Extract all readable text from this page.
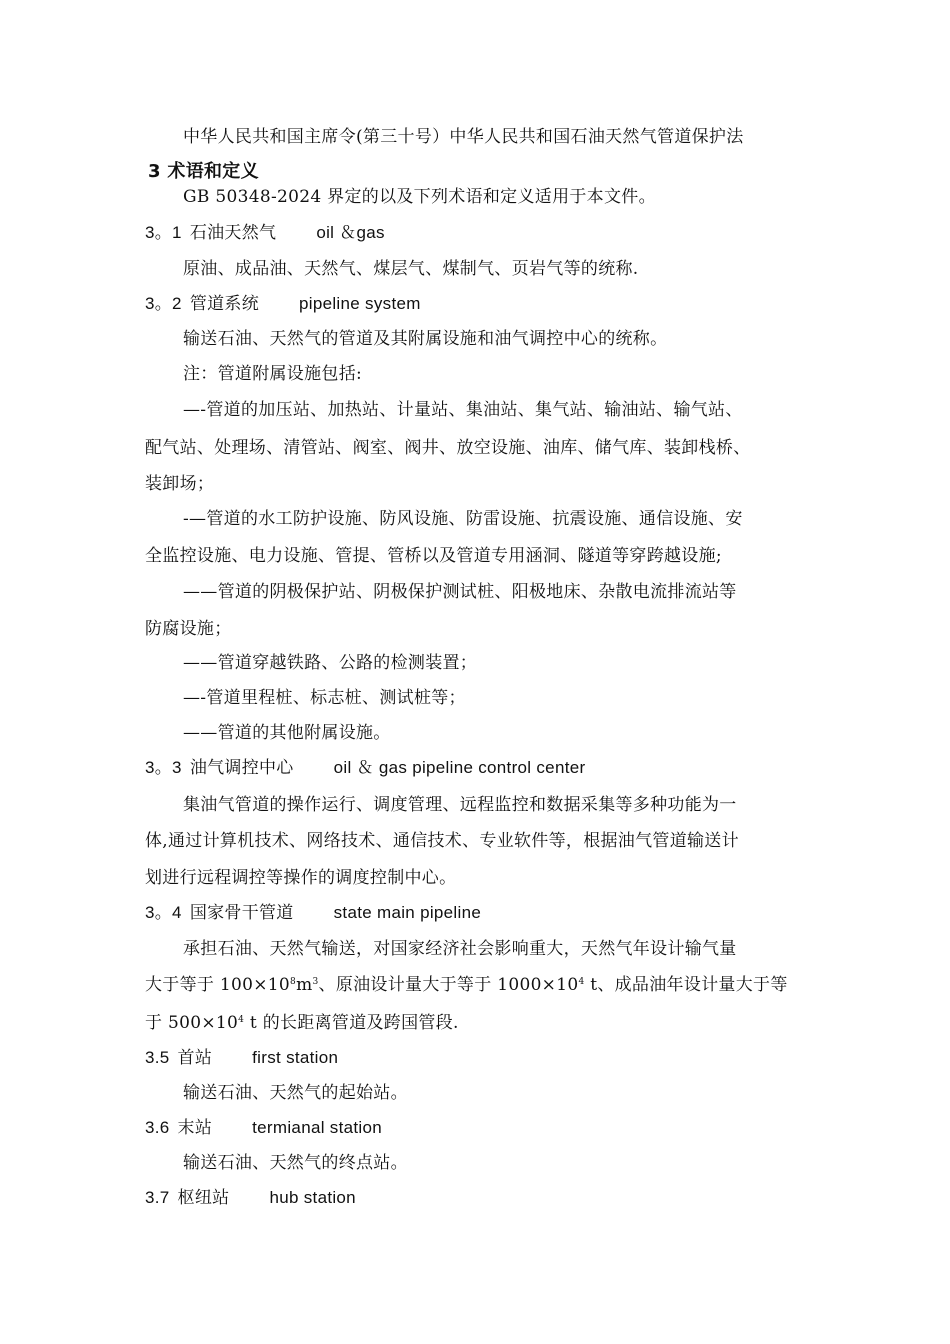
中华人民共和国主席令(第三十号）中华人民共和国石油天然气管道保护法
3 术语和定义
GB 50348-2024 界定的以及下列术语和定义适用于本文件。
3。1 石油天然气 oil ＆gas
原油、成品油、天然气、煤层气、煤制气、页岩气等的统称.
3。2 管道系统 pipeline system
输送石油、天然气的管道及其附属设施和油气调控中心的统称。
注：管道附属设施包括:
—-管道的加压站、加热站、计量站、集油站、集气站、输油站、输气站、
配气站、处理场、清管站、阀室、阀井、放空设施、油库、储气库、装卸栈桥、
装卸场；
-—管道的水工防护设施、防风设施、防雷设施、抗震设施、通信设施、安
全监控设施、电力设施、管提、管桥以及管道专用涵洞、隧道等穿跨越设施;
——管道的阴极保护站、阴极保护测试桩、阳极地床、杂散电流排流站等
防腐设施；
——管道穿越铁路、公路的检测装置；
—-管道里程桩、标志桩、测试桩等；
——管道的其他附属设施。
3。3 油气调控中心 oil ＆ gas pipeline control center
集油气管道的操作运行、调度管理、远程监控和数据采集等多种功能为一
体,通过计算机技术、网络技术、通信技术、专业软件等，根据油气管道输送计
划进行远程调控等操作的调度控制中心。
3。4 国家骨干管道 state main pipeline
承担石油、天然气输送，对国家经济社会影响重大，天然气年设计输气量
大于等于 $100\times 10^8m^3$、原油设计量大于等于 $1000\times 10^4$ t、成品油年设计量大于等
于 $500\times 10^4$ t 的长距离管道及跨国管段.
3.5 首站 first station
输送石油、天然气的起始站。
3.6 末站 termianal station
输送石油、天然气的终点站。
3.7 枢纽站 hub station
